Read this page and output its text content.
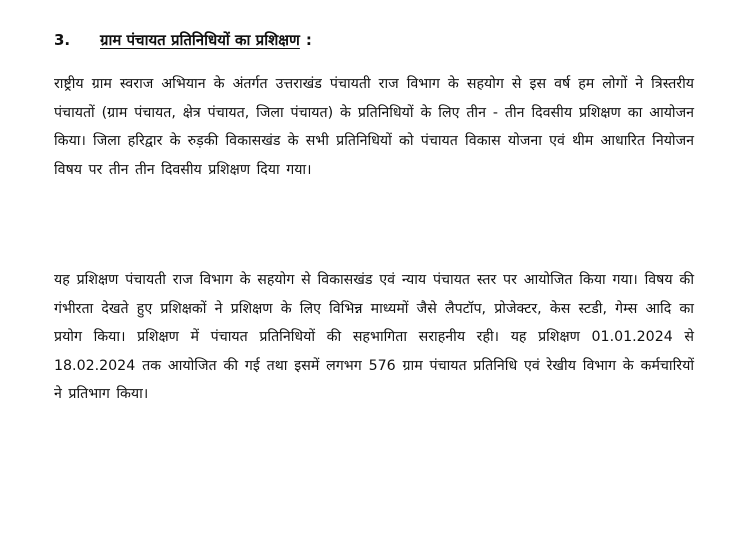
3.	ग्राम पंचायत प्रतिनिधियों का प्रशिक्षण :

राष्ट्रीय ग्राम स्वराज अभियान के अंतर्गत उत्तराखंड पंचायती राज विभाग के सहयोग से इस वर्ष हम लोगों ने त्रिस्तरीय पंचायतों (ग्राम पंचायत, क्षेत्र पंचायत, जिला पंचायत) के प्रतिनिधियों के लिए तीन - तीन दिवसीय प्रशिक्षण का आयोजन किया। जिला हरिद्वार के रुड़की विकासखंड के सभी प्रतिनिधियों को पंचायत विकास योजना एवं थीम आधारित नियोजन विषय पर तीन तीन दिवसीय प्रशिक्षण दिया गया।

यह प्रशिक्षण पंचायती राज विभाग के सहयोग से विकासखंड एवं न्याय पंचायत स्तर पर आयोजित किया गया। विषय की गंभीरता देखते हुए प्रशिक्षकों ने प्रशिक्षण के लिए विभिन्न माध्यमों जैसे लैपटॉप, प्रोजेक्टर, केस स्टडी, गेम्स आदि का प्रयोग किया। प्रशिक्षण में पंचायत प्रतिनिधियों की सहभागिता सराहनीय रही। यह प्रशिक्षण 01.01.2024 से 18.02.2024 तक आयोजित की गई तथा इसमें लगभग 576 ग्राम पंचायत प्रतिनिधि एवं रेखीय विभाग के कर्मचारियों ने प्रतिभाग किया।
